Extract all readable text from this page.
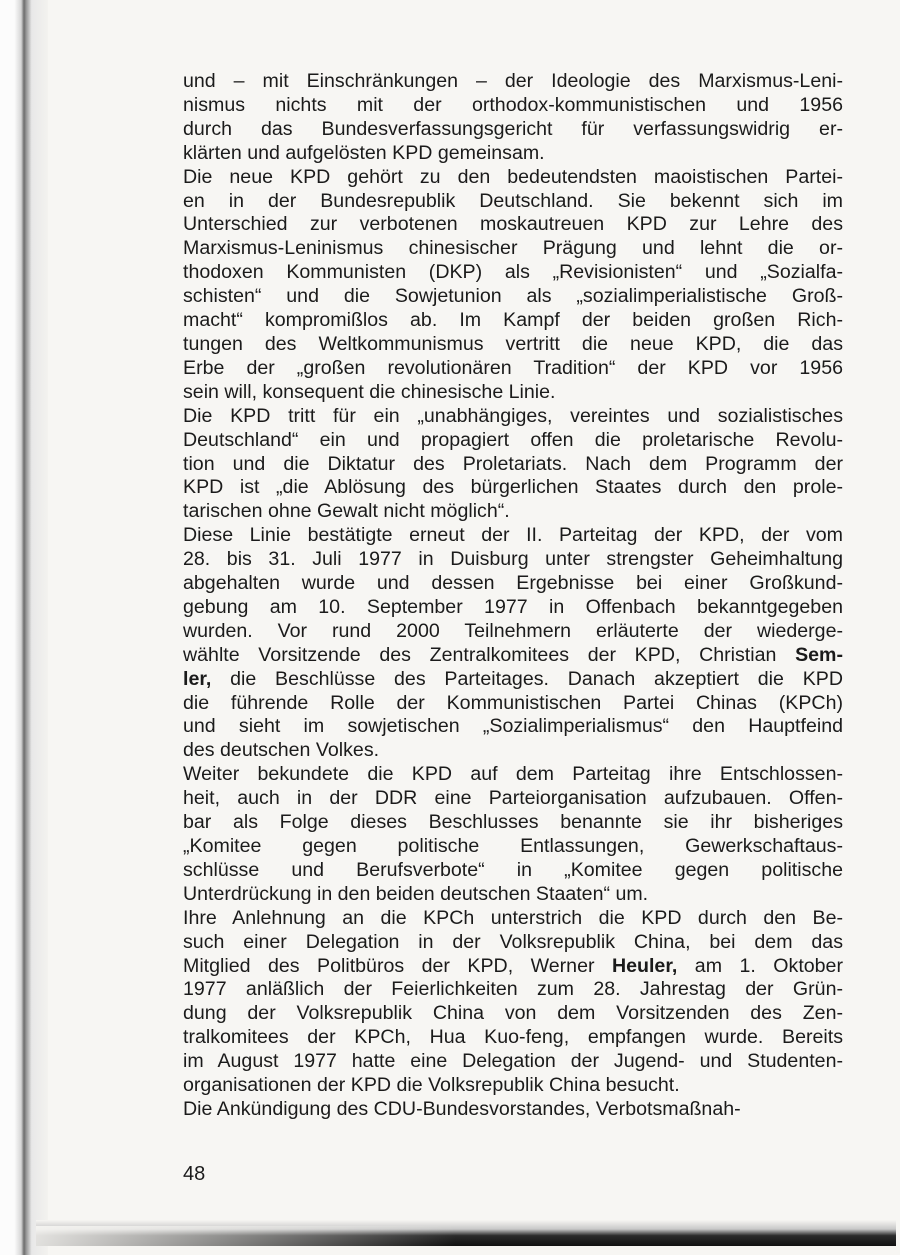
und – mit Einschränkungen – der Ideologie des Marxismus-Leni-
nismus nichts mit der orthodox-kommunistischen und 1956
durch das Bundesverfassungsgericht für verfassungswidrig er-
klärten und aufgelösten KPD gemeinsam.
Die neue KPD gehört zu den bedeutendsten maoistischen Partei-
en in der Bundesrepublik Deutschland. Sie bekennt sich im
Unterschied zur verbotenen moskautreuen KPD zur Lehre des
Marxismus-Leninismus chinesischer Prägung und lehnt die or-
thodoxen Kommunisten (DKP) als „Revisionisten“ und „Sozialfa-
schisten“ und die Sowjetunion als „sozialimperialistische Groß-
macht“ kompromißlos ab. Im Kampf der beiden großen Rich-
tungen des Weltkommunismus vertritt die neue KPD, die das
Erbe der „großen revolutionären Tradition“ der KPD vor 1956
sein will, konsequent die chinesische Linie.
Die KPD tritt für ein „unabhängiges, vereintes und sozialistisches
Deutschland“ ein und propagiert offen die proletarische Revolu-
tion und die Diktatur des Proletariats. Nach dem Programm der
KPD ist „die Ablösung des bürgerlichen Staates durch den prole-
tarischen ohne Gewalt nicht möglich“.
Diese Linie bestätigte erneut der II. Parteitag der KPD, der vom
28. bis 31. Juli 1977 in Duisburg unter strengster Geheimhaltung
abgehalten wurde und dessen Ergebnisse bei einer Großkund-
gebung am 10. September 1977 in Offenbach bekanntgegeben
wurden. Vor rund 2000 Teilnehmern erläuterte der wiederge-
wählte Vorsitzende des Zentralkomitees der KPD, Christian Sem-
ler, die Beschlüsse des Parteitages. Danach akzeptiert die KPD
die führende Rolle der Kommunistischen Partei Chinas (KPCh)
und sieht im sowjetischen „Sozialimperialismus“ den Hauptfeind
des deutschen Volkes.
Weiter bekundete die KPD auf dem Parteitag ihre Entschlossen-
heit, auch in der DDR eine Parteiorganisation aufzubauen. Offen-
bar als Folge dieses Beschlusses benannte sie ihr bisheriges
„Komitee gegen politische Entlassungen, Gewerkschaftaus-
schlüsse und Berufsverbote“ in „Komitee gegen politische
Unterdrückung in den beiden deutschen Staaten“ um.
Ihre Anlehnung an die KPCh unterstrich die KPD durch den Be-
such einer Delegation in der Volksrepublik China, bei dem das
Mitglied des Politbüros der KPD, Werner Heuler, am 1. Oktober
1977 anläßlich der Feierlichkeiten zum 28. Jahrestag der Grün-
dung der Volksrepublik China von dem Vorsitzenden des Zen-
tralkomitees der KPCh, Hua Kuo-feng, empfangen wurde. Bereits
im August 1977 hatte eine Delegation der Jugend- und Studenten-
organisationen der KPD die Volksrepublik China besucht.
Die Ankündigung des CDU-Bundesvorstandes, Verbotsmaßnah-
48
